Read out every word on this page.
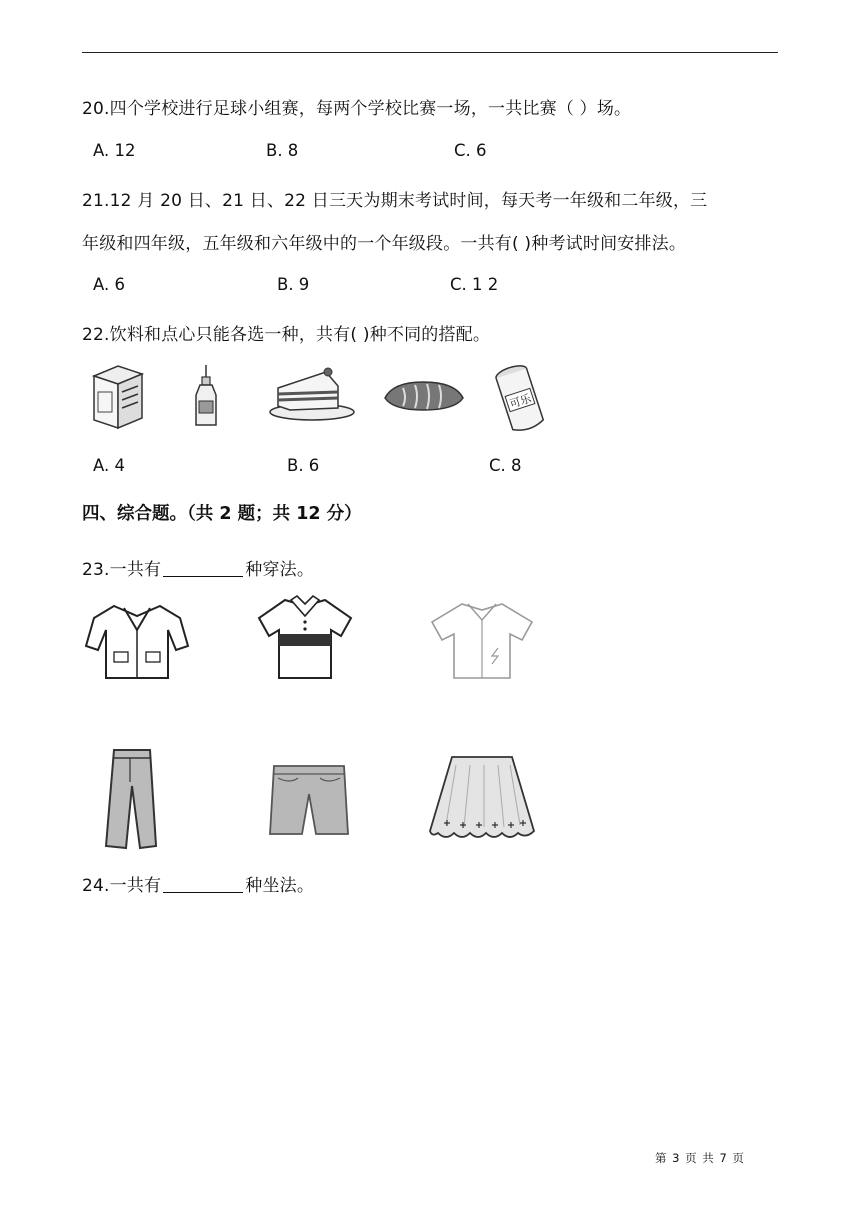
20.四个学校进行足球小组赛，每两个学校比赛一场，一共比赛（ ）场。
A. 12	B. 8	C. 6
21.12 月 20 日、21 日、22 日三天为期末考试时间，每天考一年级和二年级，三
年级和四年级，五年级和六年级中的一个年级段。一共有( )种考试时间安排法。
A. 6	B. 9	C. 1 2
22.饮料和点心只能各选一种，共有( )种不同的搭配。
可乐
A. 4	B. 6	C. 8
四、综合题。（共 2 题；共 12 分）
23.一共有	种穿法。
24.一共有	种坐法。
第 3 页 共 7 页
